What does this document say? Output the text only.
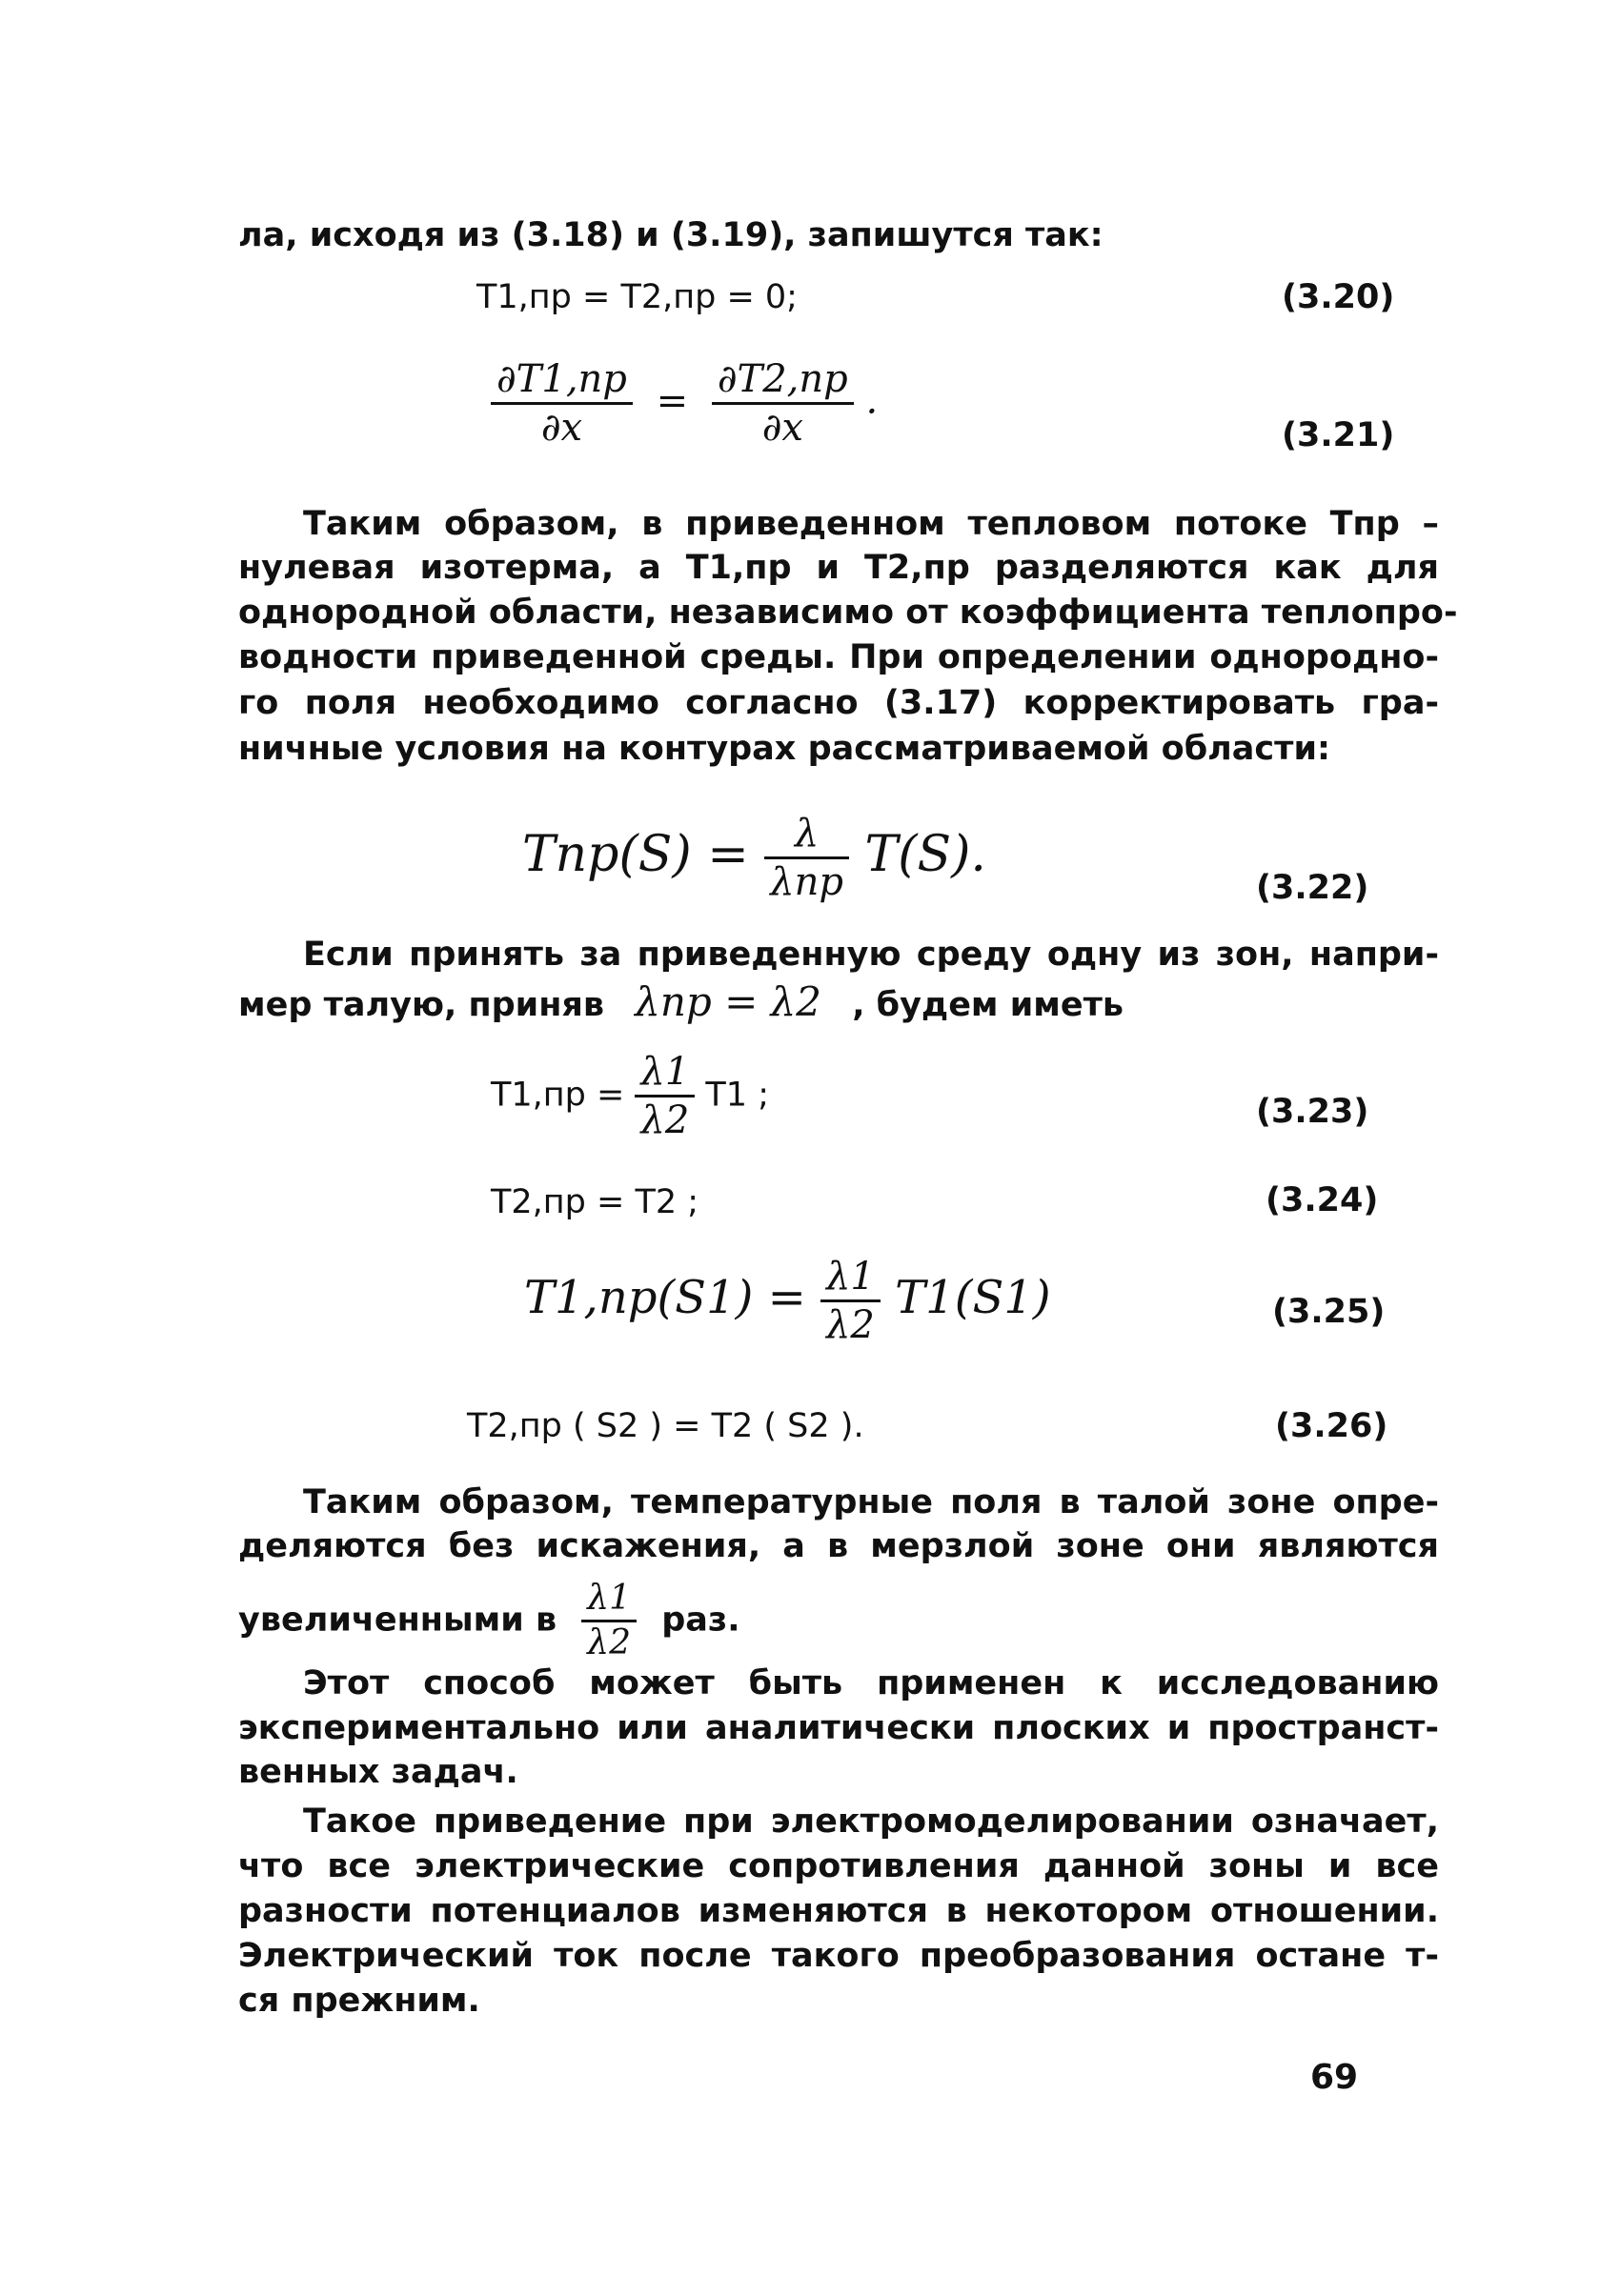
ла, исходя из (3.18) и (3.19), запишутся так:
Т1,пр = Т2,пр = 0;	(3.20)
$\frac{\partial Т1,пр}{\partial x} = \frac{\partial Т2,пр}{\partial x}$ .
(3.21)
Таким образом, в приведенном тепловом потоке Тпр –
нулевая изотерма, а Т1,пр и Т2,пр разделяются как для
однородной области, независимо от коэффициента теплопро-
водности приведенной среды. При определении однородно-
го поля необходимо согласно (3.17) корректировать гра-
ничные условия на контурах рассматриваемой области:
$Тпр(S) = \frac{\lambda}{\text{λпр}} Т(S)$.
(3.22)
Если принять за приведенную среду одну из зон, напри-
мер талую, приняв λпр = λ2 , будем иметь
$Т1,пр = \frac{\lambda 1}{\lambda 2} Т1$ ;	(3.23)
Т2,пр = Т2 ;	(3.24)
$Т1,пр(S1) = \frac{\lambda 1}{\lambda 2} Т1(S1)$	(3.25)
Т2,пр ( S2 ) = Т2 ( S2 ).	(3.26)
Таким образом, температурные поля в талой зоне опре-
деляются без искажения, а в мерзлой зоне они являются
увеличенными в $\frac{\lambda 1}{\lambda 2}$ раз.
Этот способ может быть применен к исследованию
экспериментально или аналитически плоских и пространст-
венных задач.
Такое приведение при электромоделировании означает,
что все электрические сопротивления данной зоны и все
разности потенциалов изменяются в некотором отношении.
Электрический ток после такого преобразования остане т-
ся прежним.
69
